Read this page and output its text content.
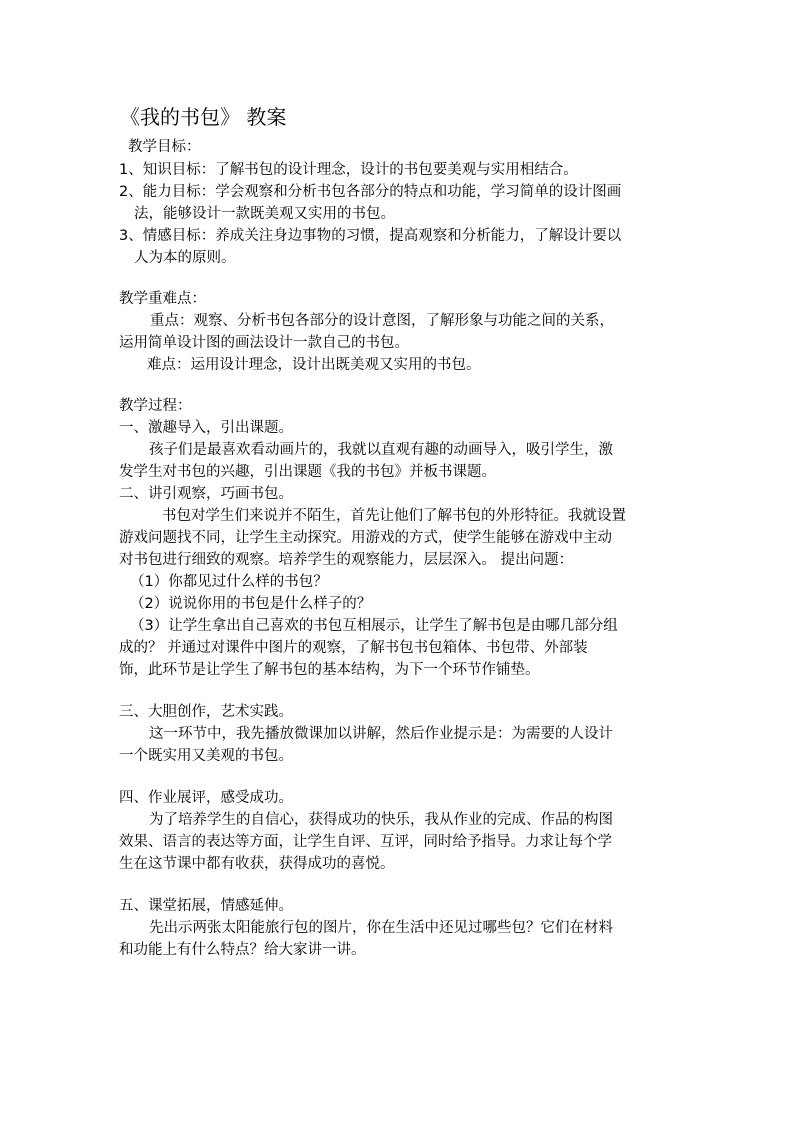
《我的书包》 教案
教学目标：
1、知识目标：了解书包的设计理念，设计的书包要美观与实用相结合。
2、能力目标：学会观察和分析书包各部分的特点和功能，学习简单的设计图画
法，能够设计一款既美观又实用的书包。
3、情感目标：养成关注身边事物的习惯，提高观察和分析能力，了解设计要以
人为本的原则。
教学重难点：
重点：观察、分析书包各部分的设计意图，了解形象与功能之间的关系，
运用简单设计图的画法设计一款自己的书包。
难点：运用设计理念，设计出既美观又实用的书包。
教学过程：
一、激趣导入，引出课题。
孩子们是最喜欢看动画片的，我就以直观有趣的动画导入，吸引学生，激
发学生对书包的兴趣，引出课题《我的书包》并板书课题。
二、讲引观察，巧画书包。
书包对学生们来说并不陌生，首先让他们了解书包的外形特征。我就设置
游戏问题找不同，让学生主动探究。用游戏的方式，使学生能够在游戏中主动
对书包进行细致的观察。培养学生的观察能力，层层深入。 提出问题：
（1）你都见过什么样的书包？
（2）说说你用的书包是什么样子的？
（3）让学生拿出自己喜欢的书包互相展示，让学生了解书包是由哪几部分组
成的？ 并通过对课件中图片的观察，了解书包书包箱体、书包带、外部装
饰，此环节是让学生了解书包的基本结构，为下一个环节作铺垫。
三、大胆创作，艺术实践。
这一环节中，我先播放微课加以讲解，然后作业提示是：为需要的人设计
一个既实用又美观的书包。
四、作业展评，感受成功。
为了培养学生的自信心，获得成功的快乐，我从作业的完成、作品的构图
效果、语言的表达等方面，让学生自评、互评，同时给予指导。力求让每个学
生在这节课中都有收获，获得成功的喜悦。
五、课堂拓展，情感延伸。
先出示两张太阳能旅行包的图片，你在生活中还见过哪些包？它们在材料
和功能上有什么特点？给大家讲一讲。
